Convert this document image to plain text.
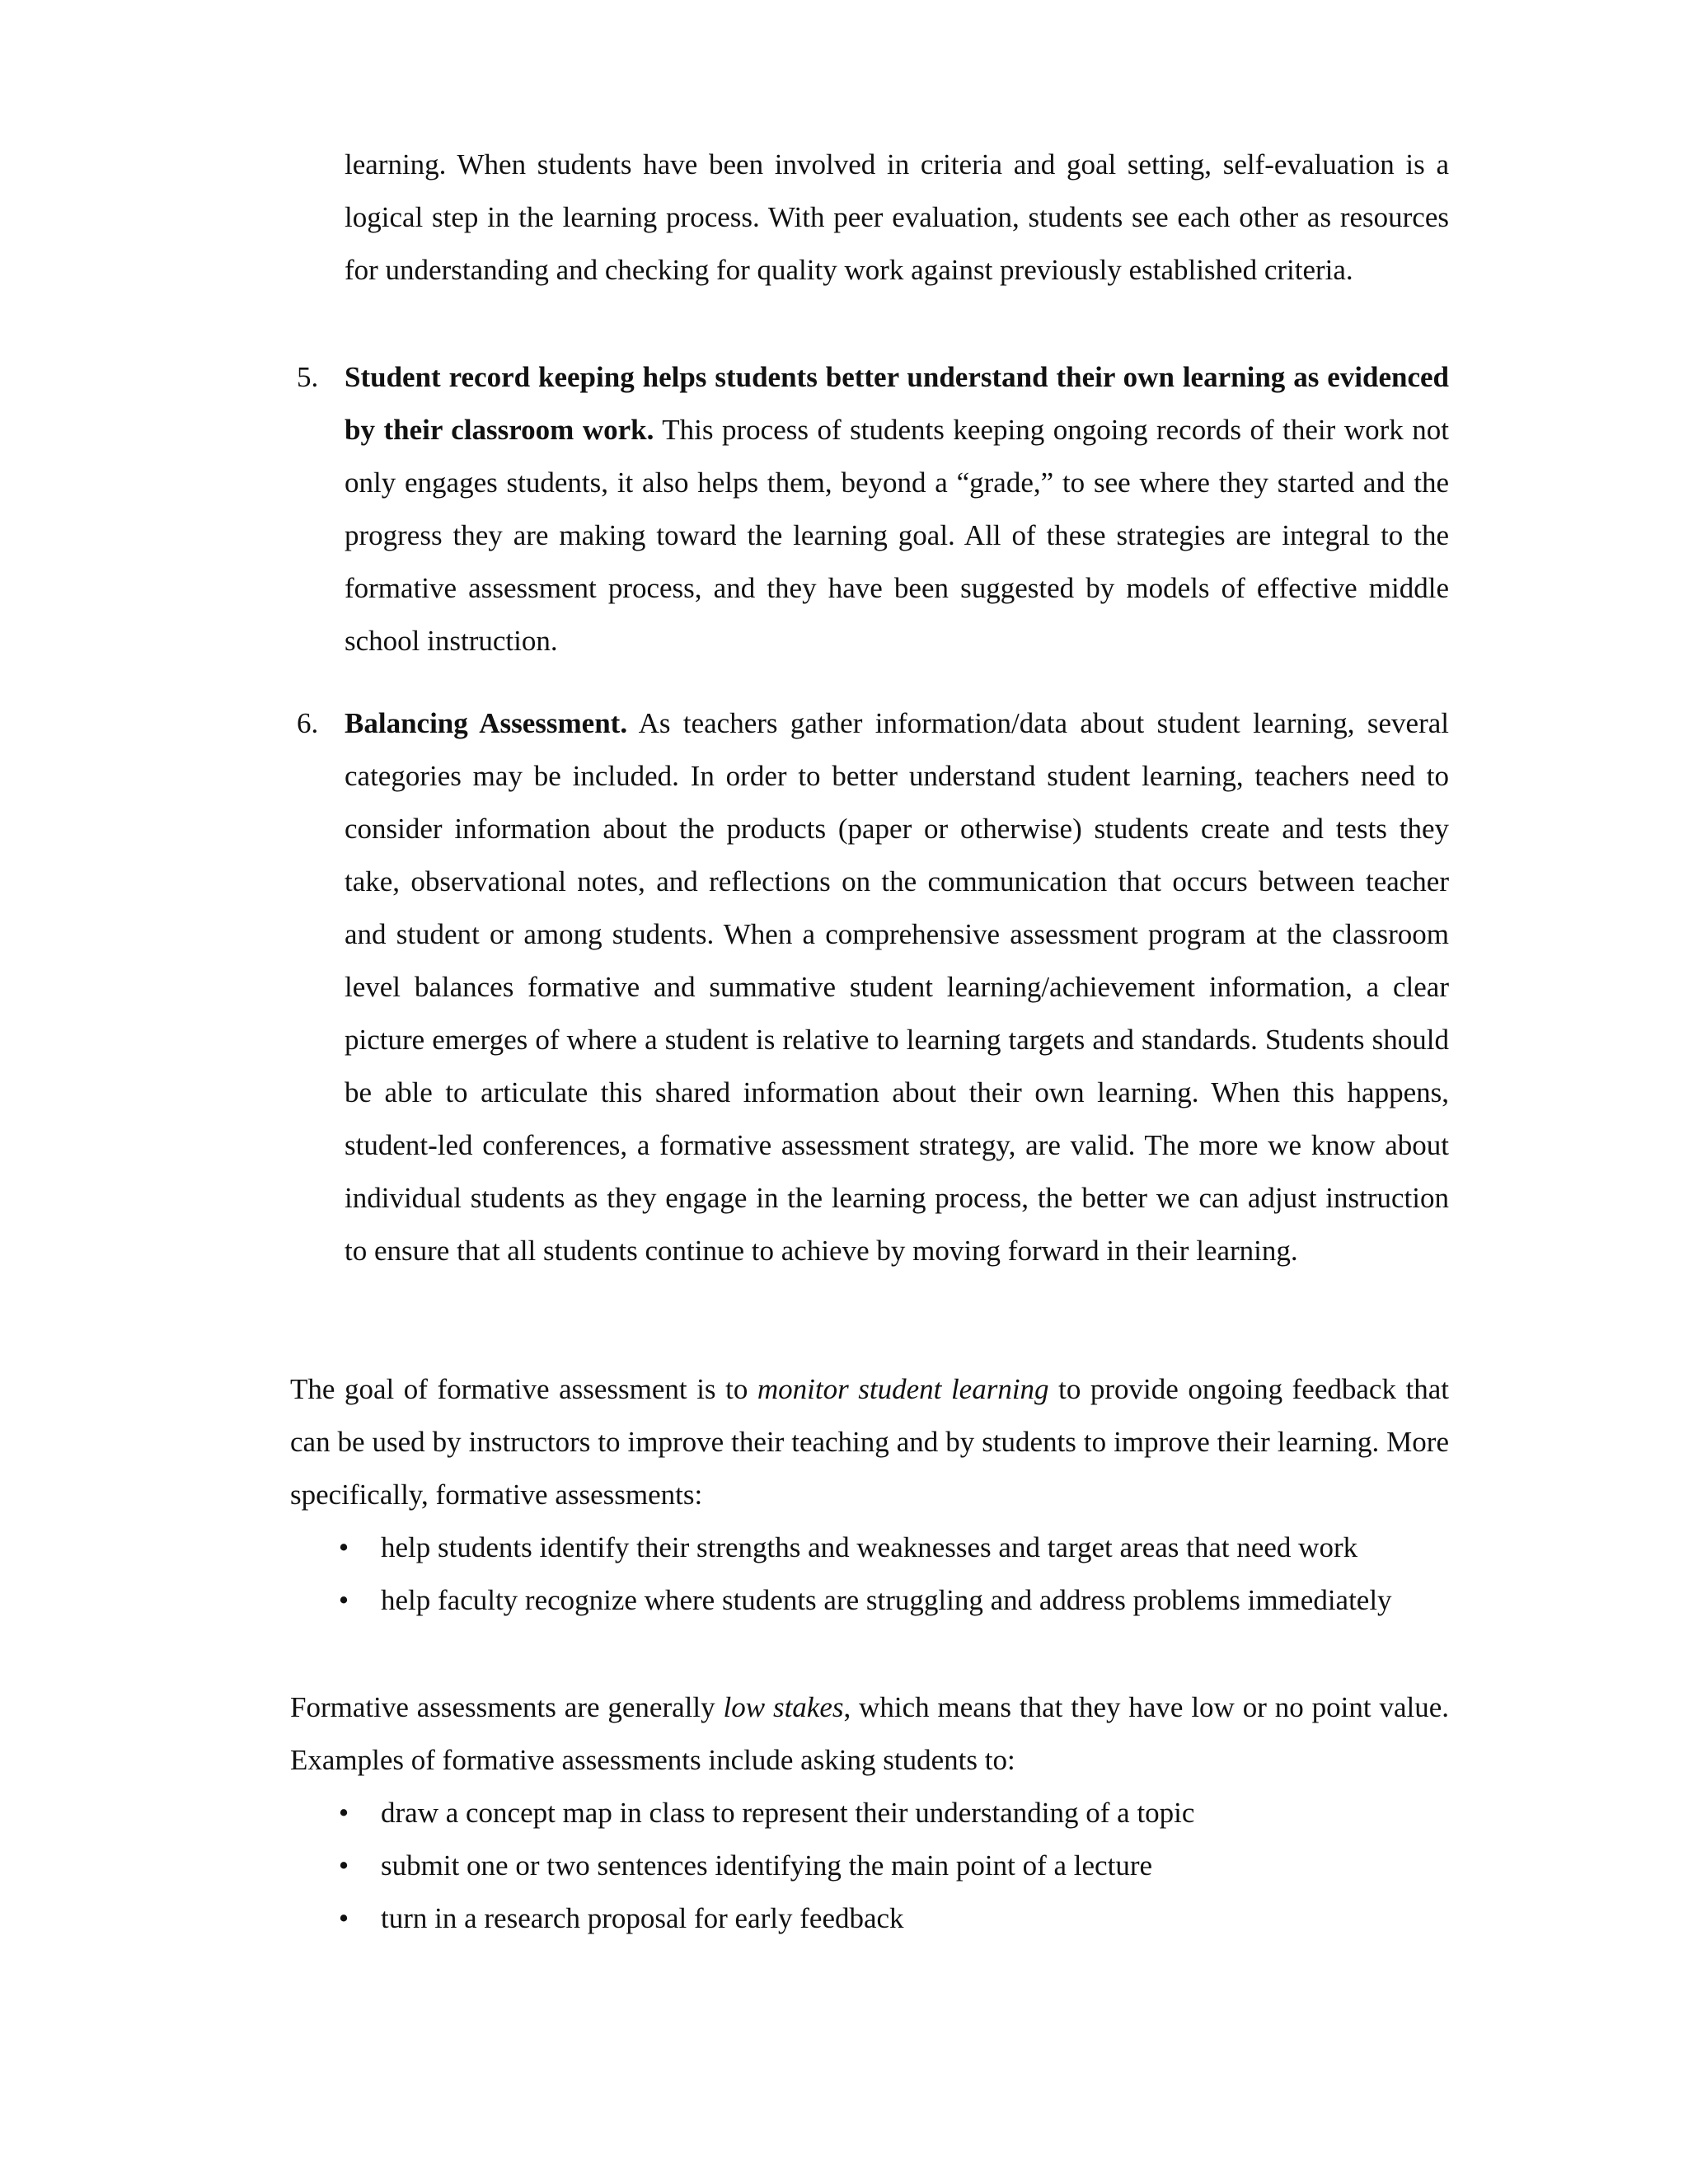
learning. When students have been involved in criteria and goal setting, self-evaluation is a logical step in the learning process. With peer evaluation, students see each other as resources for understanding and checking for quality work against previously established criteria.

5. Student record keeping helps students better understand their own learning as evidenced by their classroom work. This process of students keeping ongoing records of their work not only engages students, it also helps them, beyond a “grade,” to see where they started and the progress they are making toward the learning goal. All of these strategies are integral to the formative assessment process, and they have been suggested by models of effective middle school instruction.

6. Balancing Assessment. As teachers gather information/data about student learning, several categories may be included. In order to better understand student learning, teachers need to consider information about the products (paper or otherwise) students create and tests they take, observational notes, and reflections on the communication that occurs between teacher and student or among students. When a comprehensive assessment program at the classroom level balances formative and summative student learning/achievement information, a clear picture emerges of where a student is relative to learning targets and standards. Students should be able to articulate this shared information about their own learning. When this happens, student-led conferences, a formative assessment strategy, are valid. The more we know about individual students as they engage in the learning process, the better we can adjust instruction to ensure that all students continue to achieve by moving forward in their learning.

The goal of formative assessment is to monitor student learning to provide ongoing feedback that can be used by instructors to improve their teaching and by students to improve their learning. More specifically, formative assessments:

• help students identify their strengths and weaknesses and target areas that need work
• help faculty recognize where students are struggling and address problems immediately

Formative assessments are generally low stakes, which means that they have low or no point value. Examples of formative assessments include asking students to:

• draw a concept map in class to represent their understanding of a topic
• submit one or two sentences identifying the main point of a lecture
• turn in a research proposal for early feedback
